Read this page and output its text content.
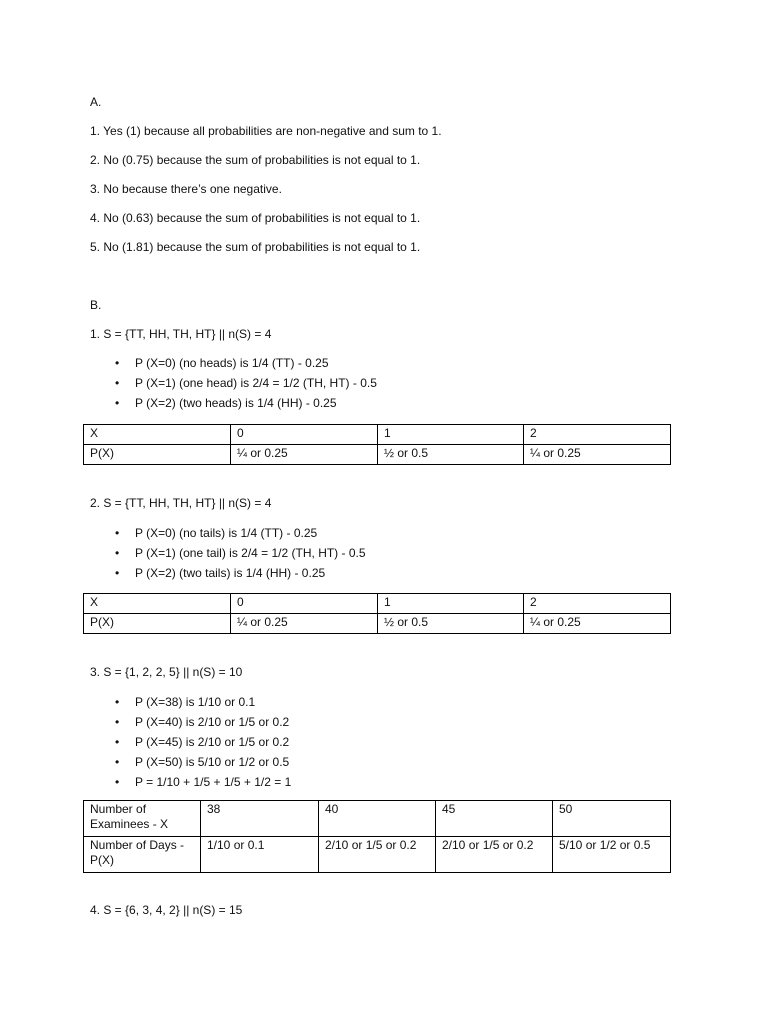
A.
1. Yes (1) because all probabilities are non-negative and sum to 1.
2. No (0.75) because the sum of probabilities is not equal to 1.
3. No because there’s one negative.
4. No (0.63) because the sum of probabilities is not equal to 1.
5. No (1.81) because the sum of probabilities is not equal to 1.
B.
1. S = {TT, HH, TH, HT} || n(S) = 4
• P (X=0) (no heads) is 1/4 (TT) - 0.25
• P (X=1) (one head) is 2/4 = 1/2 (TH, HT) - 0.5
• P (X=2) (two heads) is 1/4 (HH) - 0.25
X	0	1	2
P(X)	¼ or 0.25	½ or 0.5	¼ or 0.25
2. S = {TT, HH, TH, HT} || n(S) = 4
• P (X=0) (no tails) is 1/4 (TT) - 0.25
• P (X=1) (one tail) is 2/4 = 1/2 (TH, HT) - 0.5
• P (X=2) (two tails) is 1/4 (HH) - 0.25
X	0	1	2
P(X)	¼ or 0.25	½ or 0.5	¼ or 0.25
3. S = {1, 2, 2, 5} || n(S) = 10
• P (X=38) is 1/10 or 0.1
• P (X=40) is 2/10 or 1/5 or 0.2
• P (X=45) is 2/10 or 1/5 or 0.2
• P (X=50) is 5/10 or 1/2 or 0.5
• P = 1/10 + 1/5 + 1/5 + 1/2 = 1
Number of Examinees - X	38	40	45	50
Number of Days - P(X)	1/10 or 0.1	2/10 or 1/5 or 0.2	2/10 or 1/5 or 0.2	5/10 or 1/2 or 0.5
4. S = {6, 3, 4, 2} || n(S) = 15
